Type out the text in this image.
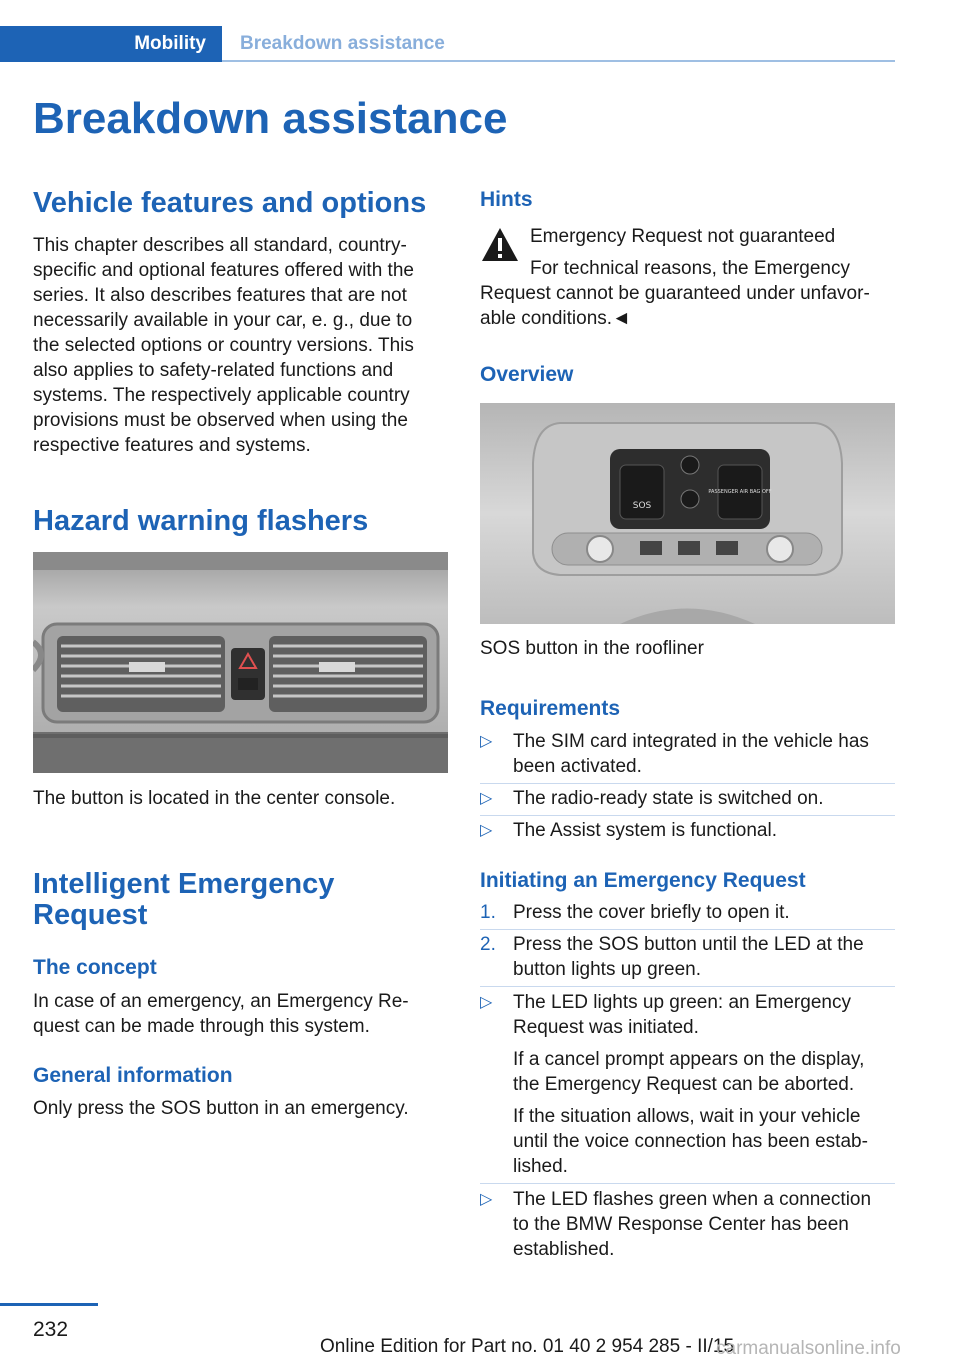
Mobility Breakdown assistance
Breakdown assistance
Vehicle features and options
This chapter describes all standard, country-
specific and optional features offered with the
series. It also describes features that are not
necessarily available in your car, e. g., due to
the selected options or country versions. This
also applies to safety-related functions and
systems. The respectively applicable country
provisions must be observed when using the
respective features and systems.
Hazard warning flashers
The button is located in the center console.
Intelligent Emergency
Request
The concept
In case of an emergency, an Emergency Re-
quest can be made through this system.
General information
Only press the SOS button in an emergency.
Hints
Emergency Request not guaranteed
For technical reasons, the Emergency
Request cannot be guaranteed under unfavor-
able conditions.◄
Overview
SOS
PASSENGER AIR BAG OFF
SOS button in the roofliner
Requirements
▷ The SIM card integrated in the vehicle has
been activated.
▷ The radio-ready state is switched on.
▷ The Assist system is functional.
Initiating an Emergency Request
1. Press the cover briefly to open it.
2. Press the SOS button until the LED at the
button lights up green.
▷ The LED lights up green: an Emergency
Request was initiated.
If a cancel prompt appears on the display,
the Emergency Request can be aborted.
If the situation allows, wait in your vehicle
until the voice connection has been estab-
lished.
▷ The LED flashes green when a connection
to the BMW Response Center has been
established.
232
Online Edition for Part no. 01 40 2 954 285 - II/15
carmanualsonline.info
